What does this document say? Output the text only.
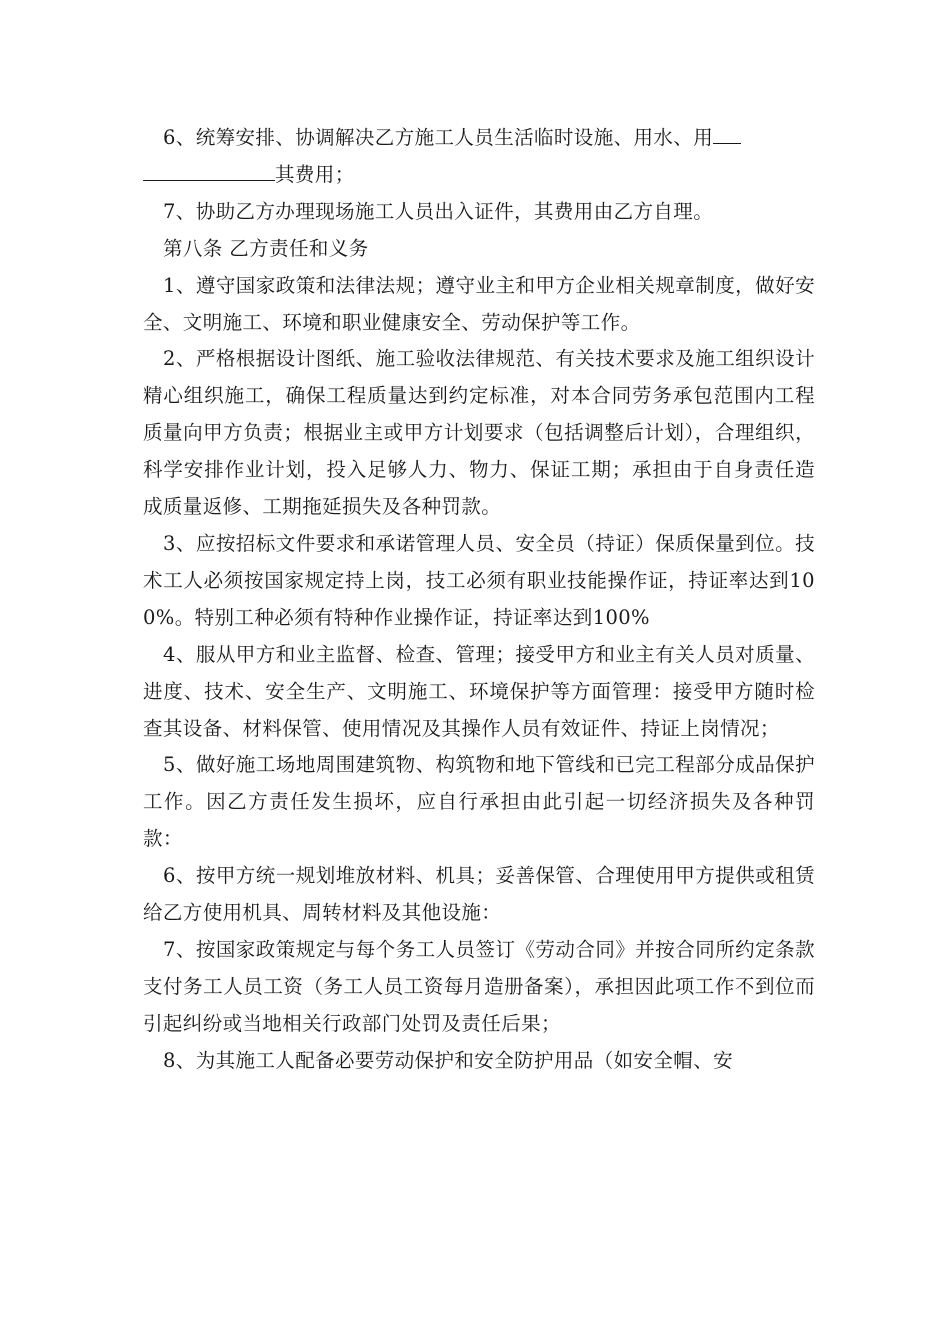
6、统筹安排、协调解决乙方施工人员生活临时设施、用水、用
其费用；

7、协助乙方办理现场施工人员出入证件，其费用由乙方自理。

第八条 乙方责任和义务

1、遵守国家政策和法律法规；遵守业主和甲方企业相关规章制度，做好安全、文明施工、环境和职业健康安全、劳动保护等工作。

2、严格根据设计图纸、施工验收法律规范、有关技术要求及施工组织设计精心组织施工，确保工程质量达到约定标准，对本合同劳务承包范围内工程质量向甲方负责；根据业主或甲方计划要求（包括调整后计划），合理组织，科学安排作业计划，投入足够人力、物力、保证工期；承担由于自身责任造成质量返修、工期拖延损失及各种罚款。

3、应按招标文件要求和承诺管理人员、安全员（持证）保质保量到位。技术工人必须按国家规定持上岗，技工必须有职业技能操作证，持证率达到100%。特别工种必须有特种作业操作证，持证率达到100%

4、服从甲方和业主监督、检查、管理；接受甲方和业主有关人员对质量、进度、技术、安全生产、文明施工、环境保护等方面管理：接受甲方随时检查其设备、材料保管、使用情况及其操作人员有效证件、持证上岗情况；

5、做好施工场地周围建筑物、构筑物和地下管线和已完工程部分成品保护工作。因乙方责任发生损坏，应自行承担由此引起一切经济损失及各种罚款：

6、按甲方统一规划堆放材料、机具；妥善保管、合理使用甲方提供或租赁给乙方使用机具、周转材料及其他设施：

7、按国家政策规定与每个务工人员签订《劳动合同》并按合同所约定条款支付务工人员工资（务工人员工资每月造册备案），承担因此项工作不到位而引起纠纷或当地相关行政部门处罚及责任后果；

8、为其施工人配备必要劳动保护和安全防护用品（如安全帽、安
